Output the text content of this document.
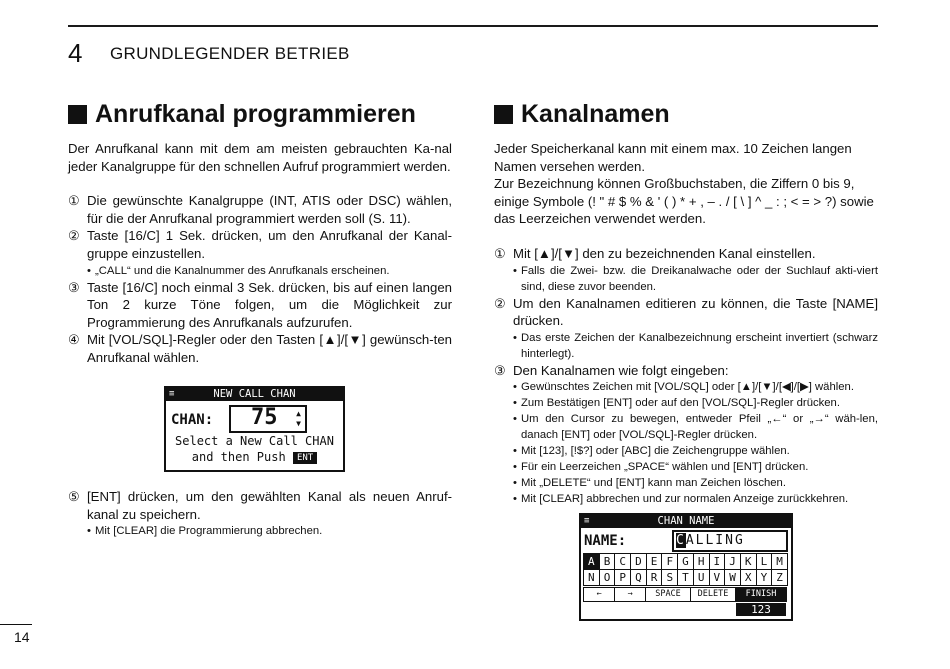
4 GRUNDLEGENDER BETRIEB
Anrufkanal programmieren

Der Anrufkanal kann mit dem am meisten gebrauchten Ka-nal jeder Kanalgruppe für den schnellen Aufruf programmiert werden.

① Die gewünschte Kanalgruppe (INT, ATIS oder DSC) wählen, für die der Anrufkanal programmiert werden soll (S. 11).
② Taste [16/C] 1 Sek. drücken, um den Anrufkanal der Kanal-gruppe einzustellen.
• „CALL“ und die Kanalnummer des Anrufkanals erscheinen.
③ Taste [16/C] noch einmal 3 Sek. drücken, bis auf einen langen Ton 2 kurze Töne folgen, um die Möglichkeit zur Programmierung des Anrufkanals aufzurufen.
④ Mit [VOL/SQL]-Regler oder den Tasten [▲]/[▼] gewünsch-ten Anrufkanal wählen.
≡	NEW CALL CHAN
CHAN: 75 ▲
▼
Select a New Call CHAN
and then Push ENT
⑤ [ENT] drücken, um den gewählten Kanal als neuen Anruf-kanal zu speichern.
• Mit [CLEAR] die Programmierung abbrechen.
Kanalnamen

Jeder Speicherkanal kann mit einem max. 10 Zeichen langen Namen versehen werden.

Zur Bezeichnung können Großbuchstaben, die Ziffern 0 bis 9, einige Symbole (! " # $ % & ' ( ) * + , – . / [ \ ] ^ _ : ; < = > ?) sowie das Leerzeichen verwendet werden.

① Mit [▲]/[▼] den zu bezeichnenden Kanal einstellen.
• Falls die Zwei- bzw. die Dreikanalwache oder der Suchlauf akti-viert sind, diese zuvor beenden.
② Um den Kanalnamen editieren zu können, die Taste [NAME] drücken.
• Das erste Zeichen der Kanalbezeichnung erscheint invertiert (schwarz hinterlegt).
③ Den Kanalnamen wie folgt eingeben:
• Gewünschtes Zeichen mit [VOL/SQL] oder [▲]/[▼]/[◀]/[▶] wählen.
• Zum Bestätigen [ENT] oder auf den [VOL/SQL]-Regler drücken.
• Um den Cursor zu bewegen, entweder Pfeil „←“ or „→“ wäh-len, danach [ENT] oder [VOL/SQL]-Regler drücken.
• Mit [123], [!$?] oder [ABC] die Zeichengruppe wählen.
• Für ein Leerzeichen „SPACE“ wählen und [ENT] drücken.
• Mit „DELETE“ und [ENT] kann man Zeichen löschen.
• Mit [CLEAR] abbrechen und zur normalen Anzeige zurückkehren.
≡	CHAN NAME
NAME:	CALLING
A B C D E F G H I J K L M
N O P Q R S T U V W X Y Z
←	→	SPACE	DELETE	FINISH
123
14
